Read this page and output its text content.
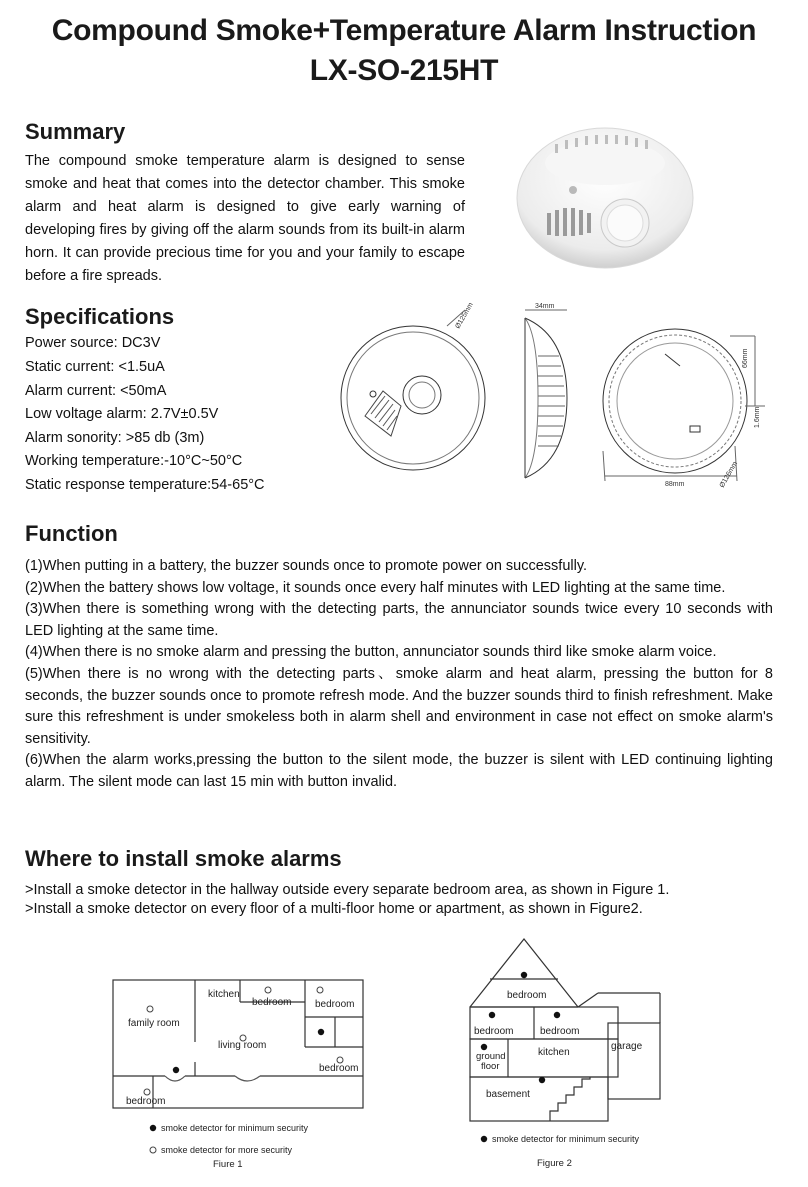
Compound Smoke+Temperature Alarm Instruction
LX-SO-215HT
Summary
The compound smoke temperature alarm is designed to sense smoke and heat that comes into the detector chamber. This smoke alarm and heat alarm is designed to give early warning of developing fires by giving off the alarm sounds from its built-in alarm horn. It can provide precious time for you and your family to escape before a fire spreads.
Specifications
Power source: DC3V
Static current: <1.5uA
Alarm current: <50mA
Low voltage alarm: 2.7V±0.5V
Alarm sonority: >85 db (3m)
Working temperature:-10°C~50°C
Static response temperature:54-65°C
Ø125mm	34mm
88mm
66mm
1.6mm
Ø126mm
Function

(1)When putting in a battery, the buzzer sounds once to promote power on successfully.

(2)When the battery shows low voltage, it sounds once every half minutes with LED lighting at the same time.

(3)When there is something wrong with the detecting parts, the annunciator sounds twice every 10 seconds with LED lighting at the same time.

(4)When there is no smoke alarm and pressing the button, annunciator sounds third like smoke alarm voice.

(5)When there is no wrong with the detecting parts、smoke alarm and heat alarm, pressing the button for 8 seconds, the buzzer sounds once to promote refresh mode. And the buzzer sounds third to finish refreshment. Make sure this refreshment is under smokeless both in alarm shell and environment in case not effect on smoke alarm's sensitivity.

(6)When the alarm works,pressing the button to the silent mode, the buzzer is silent with LED continuing lighting alarm. The silent mode can last 15 min with button invalid.

Where to install smoke alarms
>Install a smoke detector in the hallway outside every separate bedroom area, as shown in Figure 1.
>Install a smoke detector on every floor of a multi-floor home or apartment, as shown in Figure2.
kitchen
bedroom bedroom
family room
living room
bedroom
bedroom
smoke detector for minimum security
smoke detector for more security
Fiure 1
bedroom
bedroom	bedroom
ground
floor
kitchen
garage
basement
smoke detector for minimum security
Figure 2
